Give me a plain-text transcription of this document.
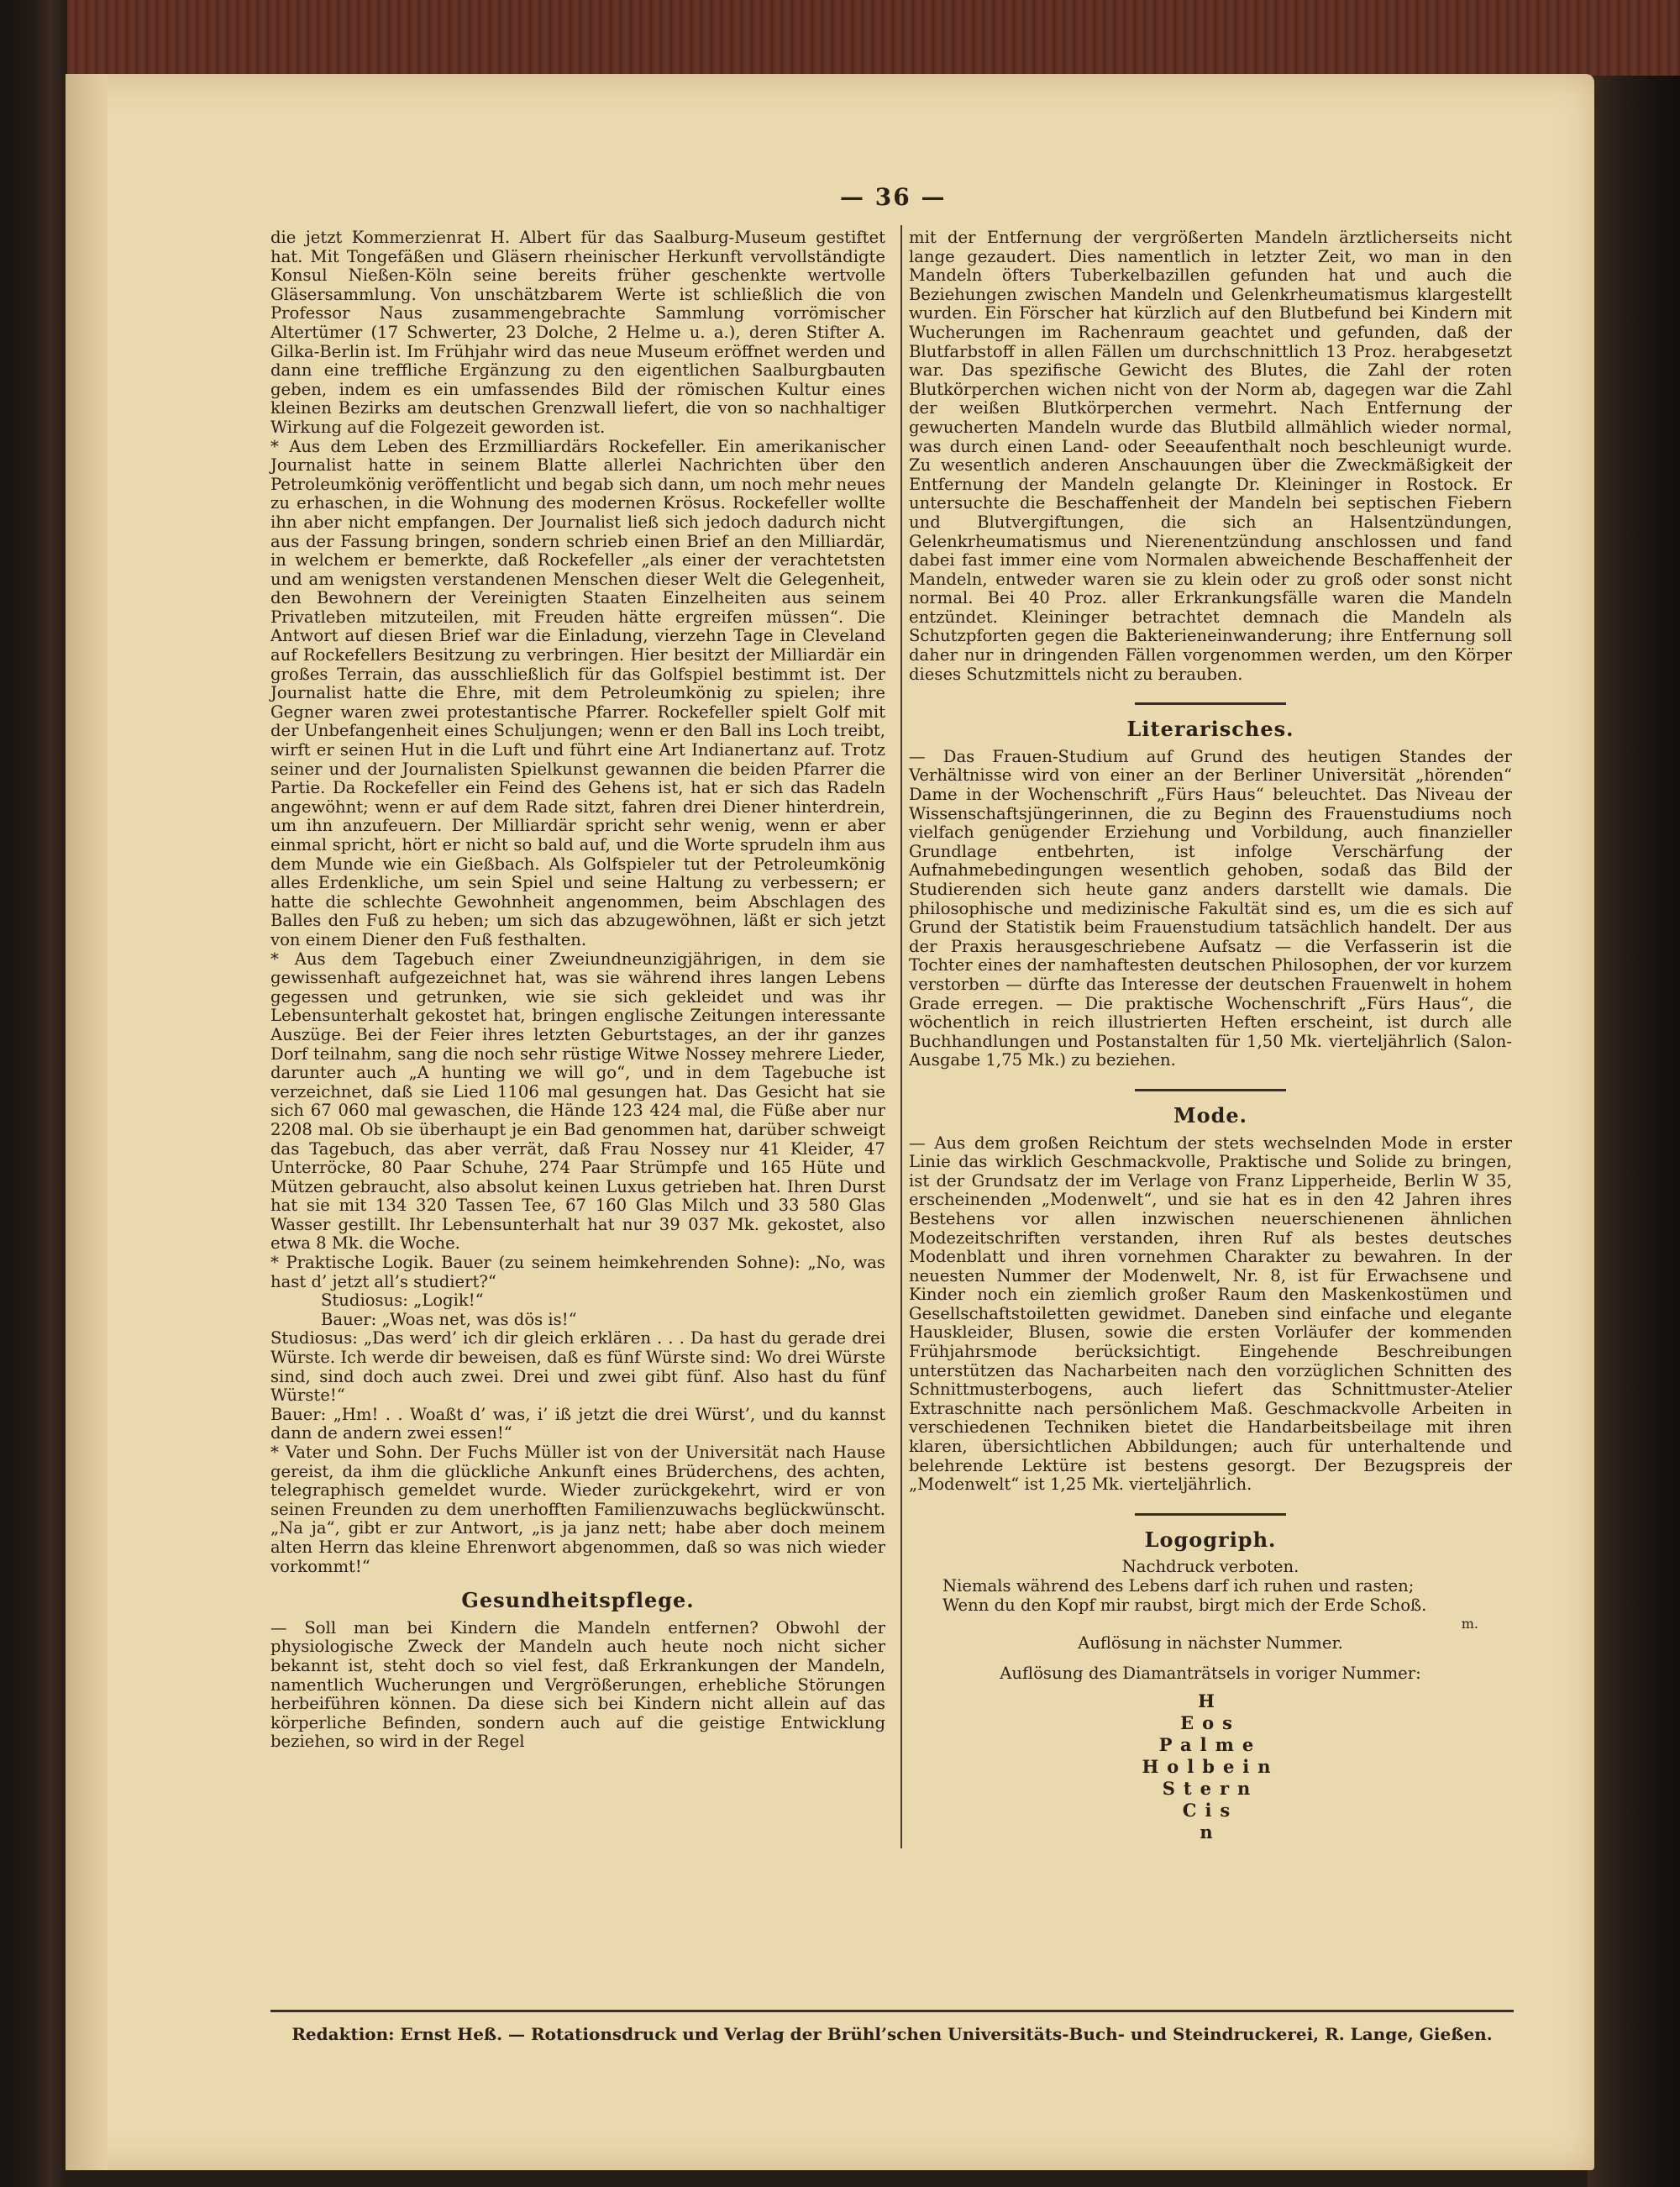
— 36 —

die jetzt Kommerzienrat H. Albert für das Saalburg-Museum gestiftet hat. Mit Tongefäßen und Gläsern rheinischer Herkunft vervollständigte Konsul Nießen-Köln seine bereits früher geschenkte wertvolle Gläsersammlung. Von unschätzbarem Werte ist schließlich die von Professor Naus zusammengebrachte Sammlung vorrömischer Altertümer (17 Schwerter, 23 Dolche, 2 Helme u. a.), deren Stifter A. Gilka-Berlin ist. Im Frühjahr wird das neue Museum eröffnet werden und dann eine treffliche Ergänzung zu den eigentlichen Saalburgbauten geben, indem es ein umfassendes Bild der römischen Kultur eines kleinen Bezirks am deutschen Grenzwall liefert, die von so nachhaltiger Wirkung auf die Folgezeit geworden ist.

* Aus dem Leben des Erzmilliardärs Rockefeller. Ein amerikanischer Journalist hatte in seinem Blatte allerlei Nachrichten über den Petroleumkönig veröffentlicht und begab sich dann, um noch mehr neues zu erhaschen, in die Wohnung des modernen Krösus. Rockefeller wollte ihn aber nicht empfangen. Der Journalist ließ sich jedoch dadurch nicht aus der Fassung bringen, sondern schrieb einen Brief an den Milliardär, in welchem er bemerkte, daß Rockefeller „als einer der verachtetsten und am wenigsten verstandenen Menschen dieser Welt die Gelegenheit, den Bewohnern der Vereinigten Staaten Einzelheiten aus seinem Privatleben mitzuteilen, mit Freuden hätte ergreifen müssen“. Die Antwort auf diesen Brief war die Einladung, vierzehn Tage in Cleveland auf Rockefellers Besitzung zu verbringen. Hier besitzt der Milliardär ein großes Terrain, das ausschließlich für das Golfspiel bestimmt ist. Der Journalist hatte die Ehre, mit dem Petroleumkönig zu spielen; ihre Gegner waren zwei protestantische Pfarrer. Rockefeller spielt Golf mit der Unbefangenheit eines Schuljungen; wenn er den Ball ins Loch treibt, wirft er seinen Hut in die Luft und führt eine Art Indianertanz auf. Trotz seiner und der Journalisten Spielkunst gewannen die beiden Pfarrer die Partie. Da Rockefeller ein Feind des Gehens ist, hat er sich das Radeln angewöhnt; wenn er auf dem Rade sitzt, fahren drei Diener hinterdrein, um ihn anzufeuern. Der Milliardär spricht sehr wenig, wenn er aber einmal spricht, hört er nicht so bald auf, und die Worte sprudeln ihm aus dem Munde wie ein Gießbach. Als Golfspieler tut der Petroleumkönig alles Erdenkliche, um sein Spiel und seine Haltung zu verbessern; er hatte die schlechte Gewohnheit angenommen, beim Abschlagen des Balles den Fuß zu heben; um sich das abzugewöhnen, läßt er sich jetzt von einem Diener den Fuß festhalten.

* Aus dem Tagebuch einer Zweiundneunzigjährigen, in dem sie gewissenhaft aufgezeichnet hat, was sie während ihres langen Lebens gegessen und getrunken, wie sie sich gekleidet und was ihr Lebensunterhalt gekostet hat, bringen englische Zeitungen interessante Auszüge. Bei der Feier ihres letzten Geburtstages, an der ihr ganzes Dorf teilnahm, sang die noch sehr rüstige Witwe Nossey mehrere Lieder, darunter auch „A hunting we will go“, und in dem Tagebuche ist verzeichnet, daß sie Lied 1106 mal gesungen hat. Das Gesicht hat sie sich 67 060 mal gewaschen, die Hände 123 424 mal, die Füße aber nur 2208 mal. Ob sie überhaupt je ein Bad genommen hat, darüber schweigt das Tagebuch, das aber verrät, daß Frau Nossey nur 41 Kleider, 47 Unterröcke, 80 Paar Schuhe, 274 Paar Strümpfe und 165 Hüte und Mützen gebraucht, also absolut keinen Luxus getrieben hat. Ihren Durst hat sie mit 134 320 Tassen Tee, 67 160 Glas Milch und 33 580 Glas Wasser gestillt. Ihr Lebensunterhalt hat nur 39 037 Mk. gekostet, also etwa 8 Mk. die Woche.

* Praktische Logik. Bauer (zu seinem heimkehrenden Sohne): „No, was hast d’ jetzt all’s studiert?“

Studiosus: „Logik!“

Bauer: „Woas net, was dös is!“

Studiosus: „Das werd’ ich dir gleich erklären . . . Da hast du gerade drei Würste. Ich werde dir beweisen, daß es fünf Würste sind: Wo drei Würste sind, sind doch auch zwei. Drei und zwei gibt fünf. Also hast du fünf Würste!“

Bauer: „Hm! . . Woaßt d’ was, i’ iß jetzt die drei Würst’, und du kannst dann de andern zwei essen!“

* Vater und Sohn. Der Fuchs Müller ist von der Universität nach Hause gereist, da ihm die glückliche Ankunft eines Brüderchens, des achten, telegraphisch gemeldet wurde. Wieder zurückgekehrt, wird er von seinen Freunden zu dem unerhofften Familienzuwachs beglückwünscht. „Na ja“, gibt er zur Antwort, „is ja janz nett; habe aber doch meinem alten Herrn das kleine Ehrenwort abgenommen, daß so was nich wieder vorkommt!“

Gesundheitspflege.

— Soll man bei Kindern die Mandeln entfernen? Obwohl der physiologische Zweck der Mandeln auch heute noch nicht sicher bekannt ist, steht doch so viel fest, daß Erkrankungen der Mandeln, namentlich Wucherungen und Vergrößerungen, erhebliche Störungen herbeiführen können. Da diese sich bei Kindern nicht allein auf das körperliche Befinden, sondern auch auf die geistige Entwicklung beziehen, so wird in der Regel

mit der Entfernung der vergrößerten Mandeln ärztlicherseits nicht lange gezaudert. Dies namentlich in letzter Zeit, wo man in den Mandeln öfters Tuberkelbazillen gefunden hat und auch die Beziehungen zwischen Mandeln und Gelenkrheumatismus klargestellt wurden. Ein Förscher hat kürzlich auf den Blutbefund bei Kindern mit Wucherungen im Rachenraum geachtet und gefunden, daß der Blutfarbstoff in allen Fällen um durchschnittlich 13 Proz. herabgesetzt war. Das spezifische Gewicht des Blutes, die Zahl der roten Blutkörperchen wichen nicht von der Norm ab, dagegen war die Zahl der weißen Blutkörperchen vermehrt. Nach Entfernung der gewucherten Mandeln wurde das Blutbild allmählich wieder normal, was durch einen Land- oder Seeaufenthalt noch beschleunigt wurde. Zu wesentlich anderen Anschauungen über die Zweckmäßigkeit der Entfernung der Mandeln gelangte Dr. Kleininger in Rostock. Er untersuchte die Beschaffenheit der Mandeln bei septischen Fiebern und Blutvergiftungen, die sich an Halsentzündungen, Gelenkrheumatismus und Nierenentzündung anschlossen und fand dabei fast immer eine vom Normalen abweichende Beschaffenheit der Mandeln, entweder waren sie zu klein oder zu groß oder sonst nicht normal. Bei 40 Proz. aller Erkrankungsfälle waren die Mandeln entzündet. Kleininger betrachtet demnach die Mandeln als Schutzpforten gegen die Bakterieneinwanderung; ihre Entfernung soll daher nur in dringenden Fällen vorgenommen werden, um den Körper dieses Schutzmittels nicht zu berauben.

Literarisches.

— Das Frauen-Studium auf Grund des heutigen Standes der Verhältnisse wird von einer an der Berliner Universität „hörenden“ Dame in der Wochenschrift „Fürs Haus“ beleuchtet. Das Niveau der Wissenschaftsjüngerinnen, die zu Beginn des Frauenstudiums noch vielfach genügender Erziehung und Vorbildung, auch finanzieller Grundlage entbehrten, ist infolge Verschärfung der Aufnahmebedingungen wesentlich gehoben, sodaß das Bild der Studierenden sich heute ganz anders darstellt wie damals. Die philosophische und medizinische Fakultät sind es, um die es sich auf Grund der Statistik beim Frauenstudium tatsächlich handelt. Der aus der Praxis herausgeschriebene Aufsatz — die Verfasserin ist die Tochter eines der namhaftesten deutschen Philosophen, der vor kurzem verstorben — dürfte das Interesse der deutschen Frauenwelt in hohem Grade erregen. — Die praktische Wochenschrift „Fürs Haus“, die wöchentlich in reich illustrierten Heften erscheint, ist durch alle Buchhandlungen und Postanstalten für 1,50 Mk. vierteljährlich (Salon-Ausgabe 1,75 Mk.) zu beziehen.

Mode.

— Aus dem großen Reichtum der stets wechselnden Mode in erster Linie das wirklich Geschmackvolle, Praktische und Solide zu bringen, ist der Grundsatz der im Verlage von Franz Lipperheide, Berlin W 35, erscheinenden „Modenwelt“, und sie hat es in den 42 Jahren ihres Bestehens vor allen inzwischen neuerschienenen ähnlichen Modezeitschriften verstanden, ihren Ruf als bestes deutsches Modenblatt und ihren vornehmen Charakter zu bewahren. In der neuesten Nummer der Modenwelt, Nr. 8, ist für Erwachsene und Kinder noch ein ziemlich großer Raum den Maskenkostümen und Gesellschaftstoiletten gewidmet. Daneben sind einfache und elegante Hauskleider, Blusen, sowie die ersten Vorläufer der kommenden Frühjahrsmode berücksichtigt. Eingehende Beschreibungen unterstützen das Nacharbeiten nach den vorzüglichen Schnitten des Schnittmusterbogens, auch liefert das Schnittmuster-Atelier Extraschnitte nach persönlichem Maß. Geschmackvolle Arbeiten in verschiedenen Techniken bietet die Handarbeitsbeilage mit ihren klaren, übersichtlichen Abbildungen; auch für unterhaltende und belehrende Lektüre ist bestens gesorgt. Der Bezugspreis der „Modenwelt“ ist 1,25 Mk. vierteljährlich.

Logogriph.

Nachdruck verboten.

Niemals während des Lebens darf ich ruhen und rasten;

Wenn du den Kopf mir raubst, birgt mich der Erde Schoß.

m.

Auflösung in nächster Nummer.

Auflösung des Diamanträtsels in voriger Nummer:

H
Eos
Palme
Holbein
Stern
Cis
n
Redaktion: Ernst Heß. — Rotationsdruck und Verlag der Brühl’schen Universitäts-Buch- und Steindruckerei, R. Lange, Gießen.
